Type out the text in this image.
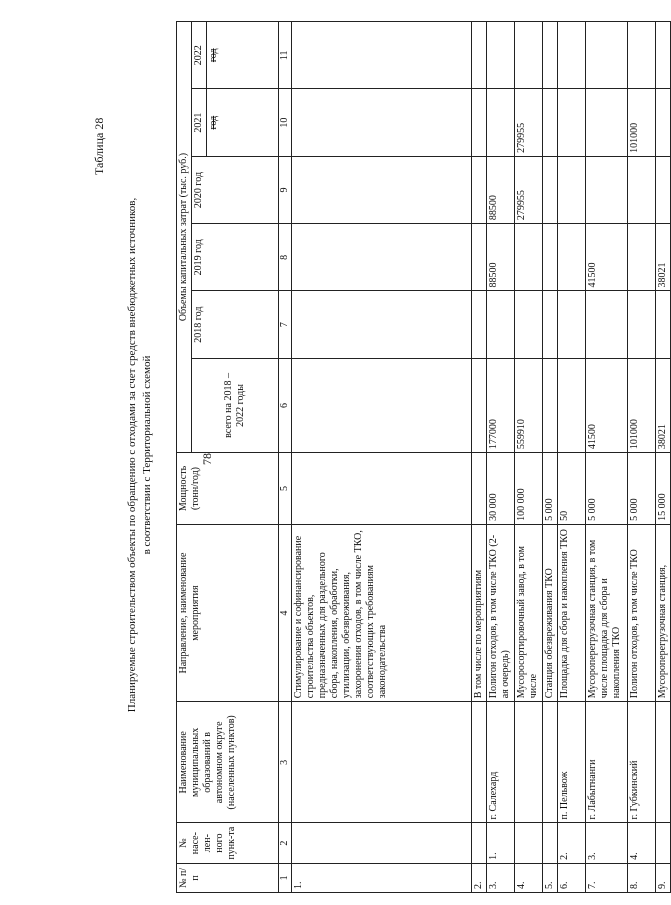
78
Таблица 28
Планируемые строительством объекты по обращению с отходами за счет средств внебюджетных источников, в соответствии с Территориальной схемой
№ п/п	№ насе-лен-ного пунк-та	Наименование муниципальных образований в автономном округе (населенных пунктов)	Направление, наименование мероприятия	Мощность (тонн/год)	Объемы капитальных затрат (тыс. руб.)					
					всего на 2018 – 2022 годы	2018 год	2019 год	2020 год	2021	2022
									год	год
1	2	3	4	5	6	7	8	9	10	11
1.			Стимулирование и софинансирование строительства объектов, предназначенных для раздельного сбора, накопления, обработки, утилизации, обезвреживания, захоронения отходов, в том числе ТКО, соответствующих требованиям законодательства							
2.			В том числе по мероприятиям							
3.	1.	г. Салехард	Полигон отходов, в том числе ТКО (2-ая очередь)	30 000	177000		88500	88500		
4.			Мусоросортировочный завод, в том числе	100 000	559910			279955	279955	
5.			Станция обезвреживания ТКО	5 000						
6.	2.	п. Пельвож	Площадка для сбора и накопления ТКО	50						
7.	3.	г. Лабытнанги	Мусороперегрузочная станция, в том числе площадка для сбора и накопления ТКО	5 000	41500		41500			
8.	4.	г. Губкинский	Полигон отходов, в том числе ТКО	5 000	101000				101000	
9.			Мусороперегрузочная станция,	15 000	38021		38021			
